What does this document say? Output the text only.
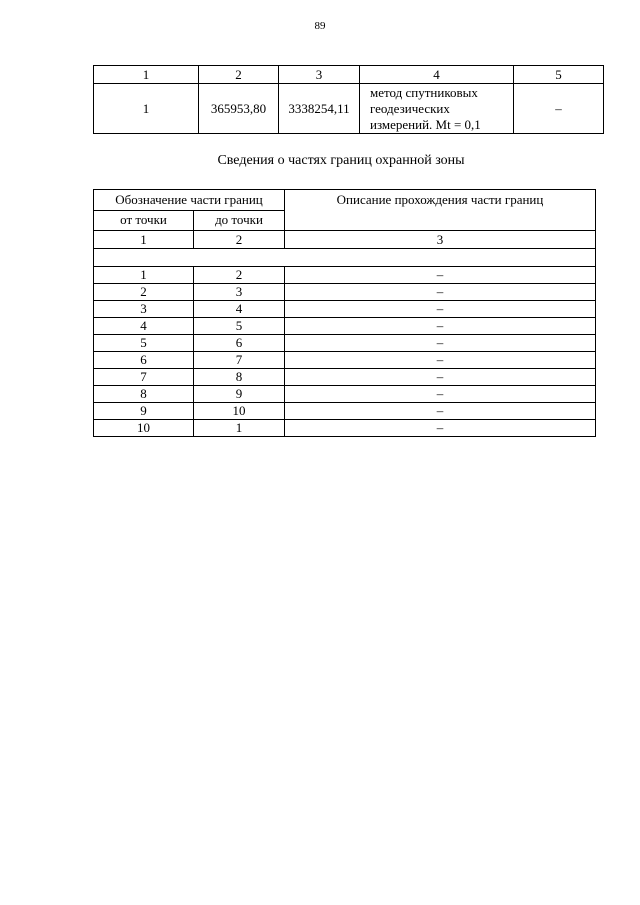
89
1	2	3	4	5
1	365953,80	3338254,11	метод спутниковых
геодезических
измерений. Mt = 0,1	–
Сведения о частях границ охранной зоны
Обозначение части границ		Описание прохождения части границ
от точки	до точки	
1	2	3

1	2	–
2	3	–
3	4	–
4	5	–
5	6	–
6	7	–
7	8	–
8	9	–
9	10	–
10	1	–
